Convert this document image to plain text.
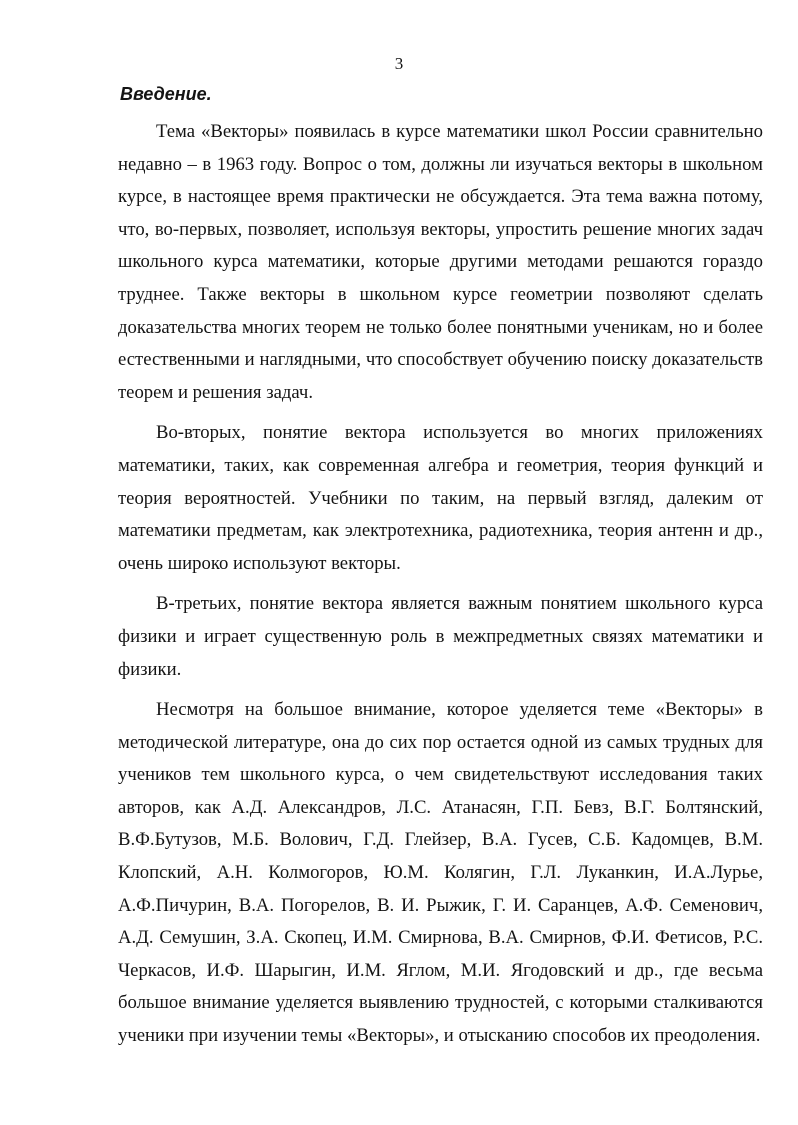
3
Введение.

Тема «Векторы» появилась в курсе математики школ России сравнительно недавно – в 1963 году. Вопрос о том, должны ли изучаться векторы в школьном курсе, в настоящее время практически не обсуждается. Эта тема важна потому, что, во-первых, позволяет, используя векторы, упростить решение многих задач школьного курса математики, которые другими методами решаются гораздо труднее. Также векторы в школьном курсе геометрии позволяют сделать доказательства многих теорем не только более понятными ученикам, но и более естественными и наглядными, что способствует обучению поиску доказательств теорем и решения задач.

Во-вторых, понятие вектора используется во многих приложениях математики, таких, как современная алгебра и геометрия, теория функций и теория вероятностей. Учебники по таким, на первый взгляд, далеким от математики предметам, как электротехника, радиотехника, теория антенн и др., очень широко используют векторы.

В-третьих, понятие вектора является важным понятием школьного курса физики и играет существенную роль в межпредметных связях математики и физики.

Несмотря на большое внимание, которое уделяется теме «Векторы» в методической литературе, она до сих пор остается одной из самых трудных для учеников тем школьного курса, о чем свидетельствуют исследования таких авторов, как А.Д. Александров, Л.С. Атанасян, Г.П. Бевз, В.Г. Болтянский, В.Ф.Бутузов, М.Б. Волович, Г.Д. Глейзер, В.А. Гусев, С.Б. Кадомцев, В.М. Клопский, А.Н. Колмогоров, Ю.М. Колягин, Г.Л. Луканкин, И.А.Лурье, А.Ф.Пичурин, В.А. Погорелов, В. И. Рыжик, Г. И. Саранцев, А.Ф. Семенович, А.Д. Семушин, З.А. Скопец, И.М. Смирнова, В.А. Смирнов, Ф.И. Фетисов, Р.С. Черкасов, И.Ф. Шарыгин, И.М. Яглом, М.И. Ягодовский и др., где весьма большое внимание уделяется выявлению трудностей, с которыми сталкиваются ученики при изучении темы «Векторы», и отысканию способов их преодоления.
